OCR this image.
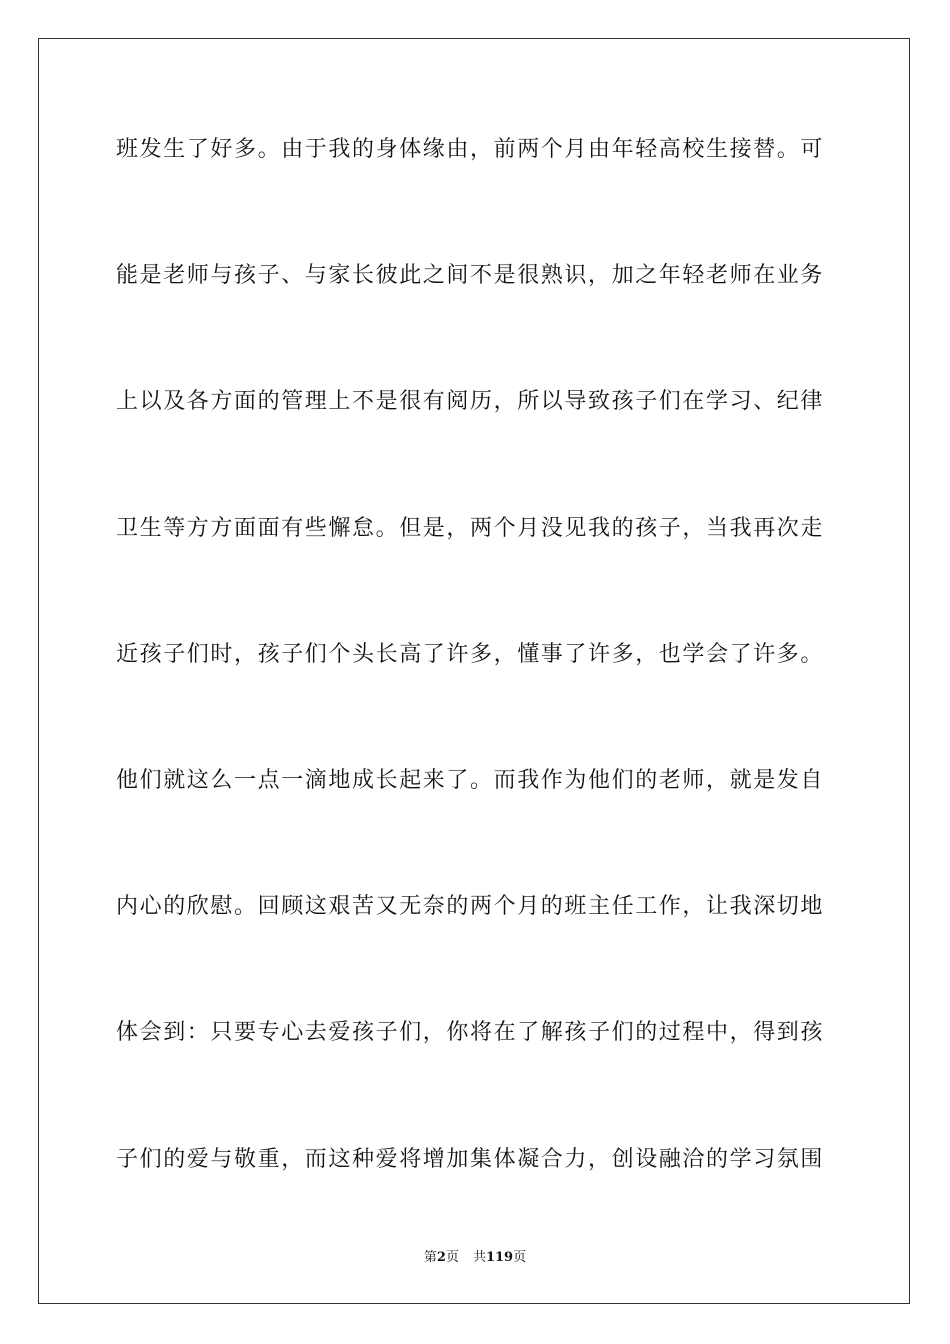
班发生了好多。由于我的身体缘由，前两个月由年轻高校生接替。可
能是老师与孩子、与家长彼此之间不是很熟识，加之年轻老师在业务
上以及各方面的管理上不是很有阅历，所以导致孩子们在学习、纪律
卫生等方方面面有些懈怠。但是，两个月没见我的孩子，当我再次走
近孩子们时，孩子们个头长高了许多，懂事了许多，也学会了许多。
他们就这么一点一滴地成长起来了。而我作为他们的老师，就是发自
内心的欣慰。回顾这艰苦又无奈的两个月的班主任工作，让我深切地
体会到：只要专心去爱孩子们，你将在了解孩子们的过程中，得到孩
子们的爱与敬重，而这种爱将增加集体凝合力，创设融洽的学习氛围
第2页 共119页
